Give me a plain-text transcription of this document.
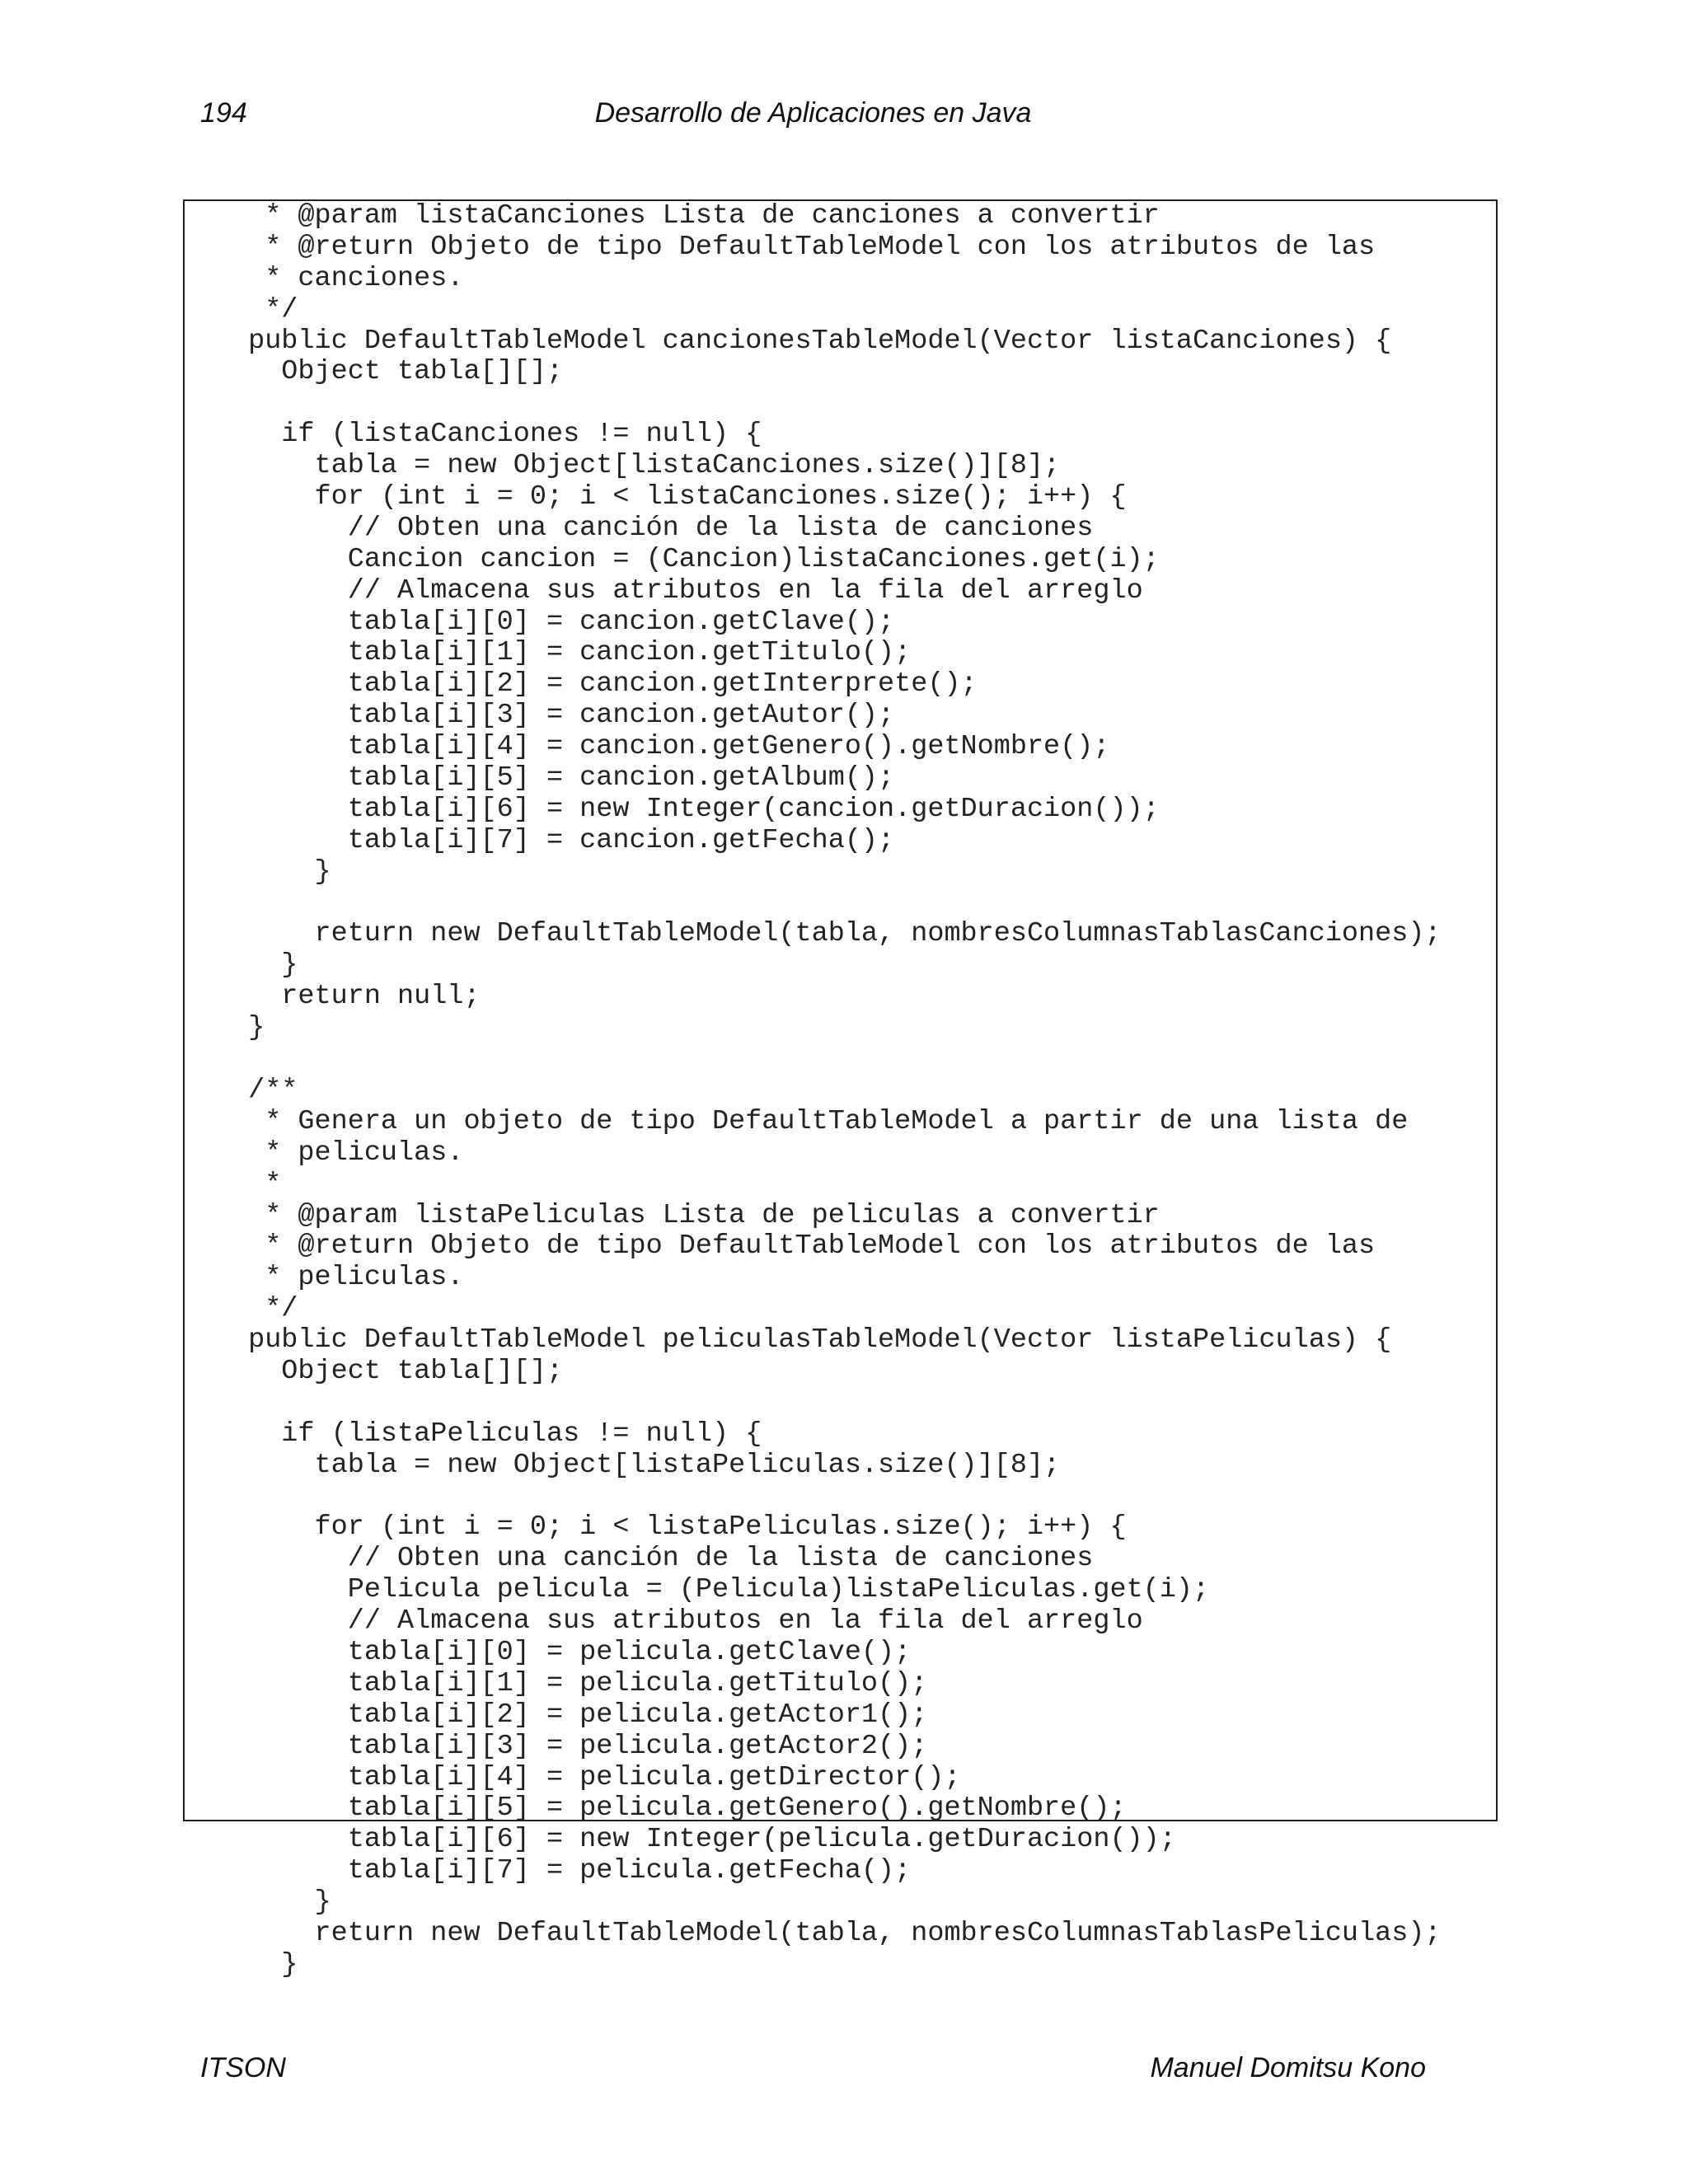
194	Desarrollo de Aplicaciones en Java
* @param listaCanciones Lista de canciones a convertir
* @return Objeto de tipo DefaultTableModel con los atributos de las
* canciones.
*/
public DefaultTableModel cancionesTableModel(Vector listaCanciones) {
Object tabla[][];
if (listaCanciones != null) {
tabla = new Object[listaCanciones.size()][8];
for (int i = 0; i < listaCanciones.size(); i++) {
// Obten una canción de la lista de canciones
Cancion cancion = (Cancion)listaCanciones.get(i);
// Almacena sus atributos en la fila del arreglo
tabla[i][0] = cancion.getClave();
tabla[i][1] = cancion.getTitulo();
tabla[i][2] = cancion.getInterprete();
tabla[i][3] = cancion.getAutor();
tabla[i][4] = cancion.getGenero().getNombre();
tabla[i][5] = cancion.getAlbum();
tabla[i][6] = new Integer(cancion.getDuracion());
tabla[i][7] = cancion.getFecha();
}
return new DefaultTableModel(tabla, nombresColumnasTablasCanciones);
}
return null;
}
/**
* Genera un objeto de tipo DefaultTableModel a partir de una lista de
* peliculas.
*
* @param listaPeliculas Lista de peliculas a convertir
* @return Objeto de tipo DefaultTableModel con los atributos de las
* peliculas.
*/
public DefaultTableModel peliculasTableModel(Vector listaPeliculas) {
Object tabla[][];
if (listaPeliculas != null) {
tabla = new Object[listaPeliculas.size()][8];
for (int i = 0; i < listaPeliculas.size(); i++) {
// Obten una canción de la lista de canciones
Pelicula pelicula = (Pelicula)listaPeliculas.get(i);
// Almacena sus atributos en la fila del arreglo
tabla[i][0] = pelicula.getClave();
tabla[i][1] = pelicula.getTitulo();
tabla[i][2] = pelicula.getActor1();
tabla[i][3] = pelicula.getActor2();
tabla[i][4] = pelicula.getDirector();
tabla[i][5] = pelicula.getGenero().getNombre();
tabla[i][6] = new Integer(pelicula.getDuracion());
tabla[i][7] = pelicula.getFecha();
}
return new DefaultTableModel(tabla, nombresColumnasTablasPeliculas);
}
ITSON	Manuel Domitsu Kono
